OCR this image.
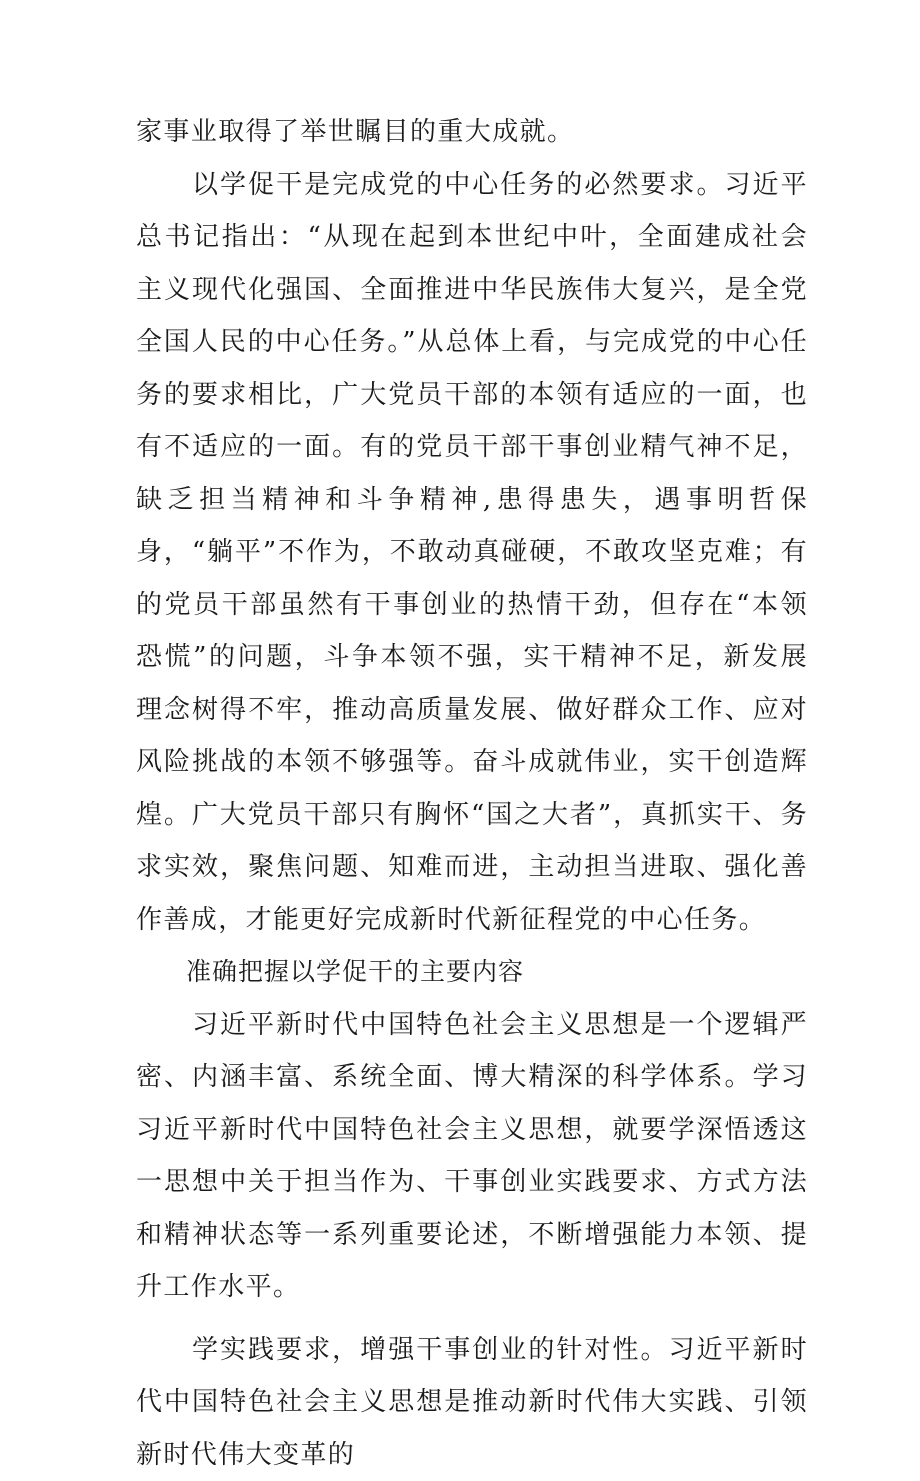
家事业取得了举世瞩目的重大成就。

以学促干是完成党的中心任务的必然要求。习近平总书记指出：“从现在起到本世纪中叶，全面建成社会主义现代化强国、全面推进中华民族伟大复兴，是全党全国人民的中心任务。”从总体上看，与完成党的中心任务的要求相比，广大党员干部的本领有适应的一面，也有不适应的一面。有的党员干部干事创业精气神不足，缺乏担当精神和斗争精神,患得患失，遇事明哲保身，“躺平”不作为，不敢动真碰硬，不敢攻坚克难；有的党员干部虽然有干事创业的热情干劲，但存在“本领恐慌”的问题，斗争本领不强，实干精神不足，新发展理念树得不牢，推动高质量发展、做好群众工作、应对风险挑战的本领不够强等。奋斗成就伟业，实干创造辉煌。广大党员干部只有胸怀“国之大者”，真抓实干、务求实效，聚焦问题、知难而进，主动担当进取、强化善作善成，才能更好完成新时代新征程党的中心任务。

准确把握以学促干的主要内容

习近平新时代中国特色社会主义思想是一个逻辑严密、内涵丰富、系统全面、博大精深的科学体系。学习习近平新时代中国特色社会主义思想，就要学深悟透这一思想中关于担当作为、干事创业实践要求、方式方法和精神状态等一系列重要论述，不断增强能力本领、提升工作水平。

学实践要求，增强干事创业的针对性。习近平新时代中国特色社会主义思想是推动新时代伟大实践、引领新时代伟大变革的
